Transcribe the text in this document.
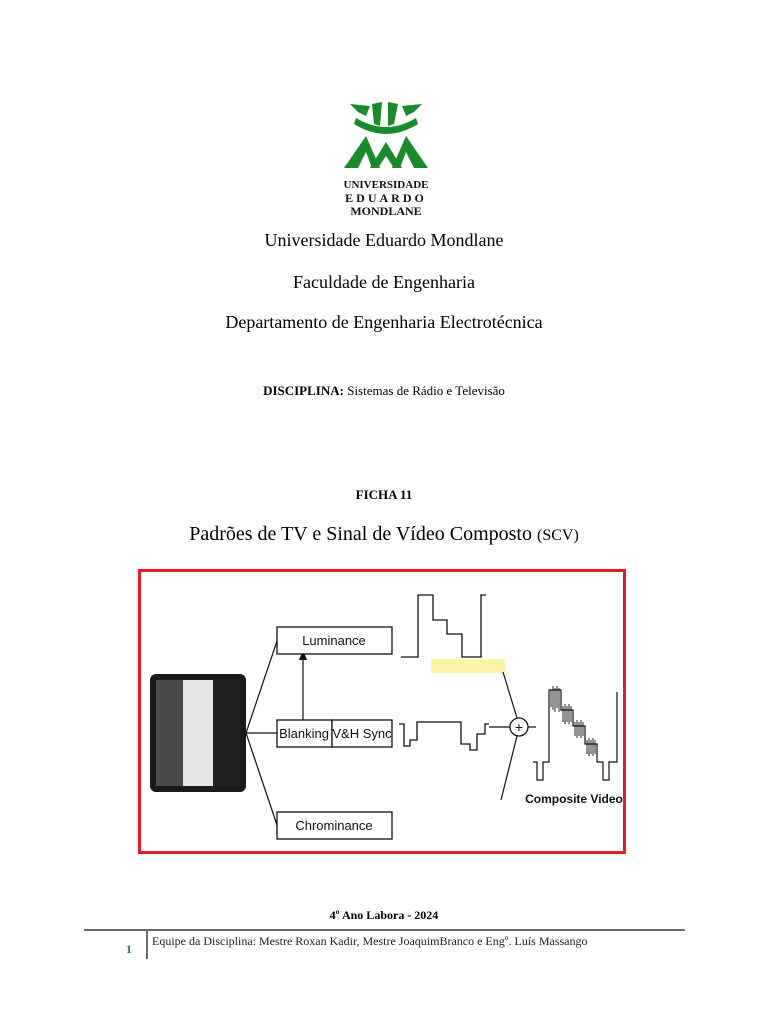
UNIVERSIDADE
EDUARDO
MONDLANE
Universidade Eduardo Mondlane
Faculdade de Engenharia
Departamento de Engenharia Electrotécnica
DISCIPLINA: Sistemas de Rádio e Televisão
FICHA 11
Padrões de TV e Sinal de Vídeo Composto (SCV)
Luminance
Blanking V&H Sync
Chrominance
+
Composite Video
4º Ano Labora - 2024
1
Equipe da Disciplina: Mestre Roxan Kadir, Mestre JoaquimBranco e Engº. Luís Massango
